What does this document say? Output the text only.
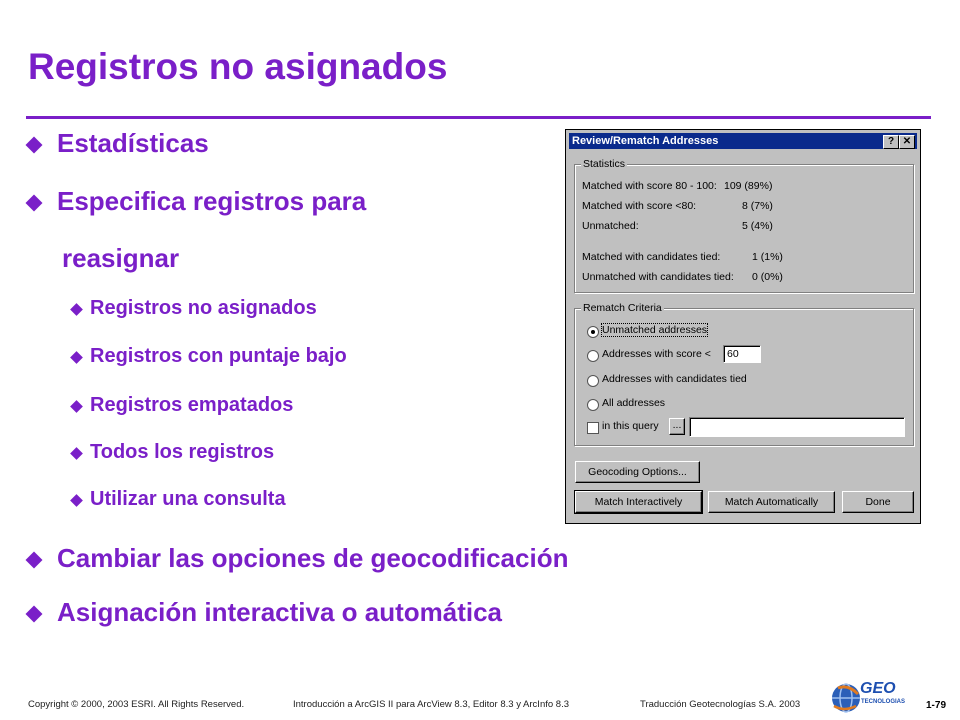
Registros no asignados
Estadísticas
Especifica registros para
reasignar
Registros no asignados
Registros con puntaje bajo
Registros empatados
Todos los registros
Utilizar una consulta
Cambiar las opciones de geocodificación
Asignación interactiva o automática
Review/Rematch Addresses	? ✕
Statistics
Matched with score 80 - 100: 109 (89%)
Matched with score <80:	8 (7%)
Unmatched:	5 (4%)
Matched with candidates tied:	1 (1%)
Unmatched with candidates tied: 0 (0%)
Rematch Criteria
Unmatched addresses
Addresses with score <	60
Addresses with candidates tied
All addresses
in this query	...
Geocoding Options...
Match Interactively	Match Automatically	Done
Copyright © 2000, 2003 ESRI. All Rights Reserved.	Introducción a ArcGIS II para ArcView 8.3, Editor 8.3 y ArcInfo 8.3	Traducción Geotecnologías S.A. 2003
GEO
TECNOLOGIAS 1-79
